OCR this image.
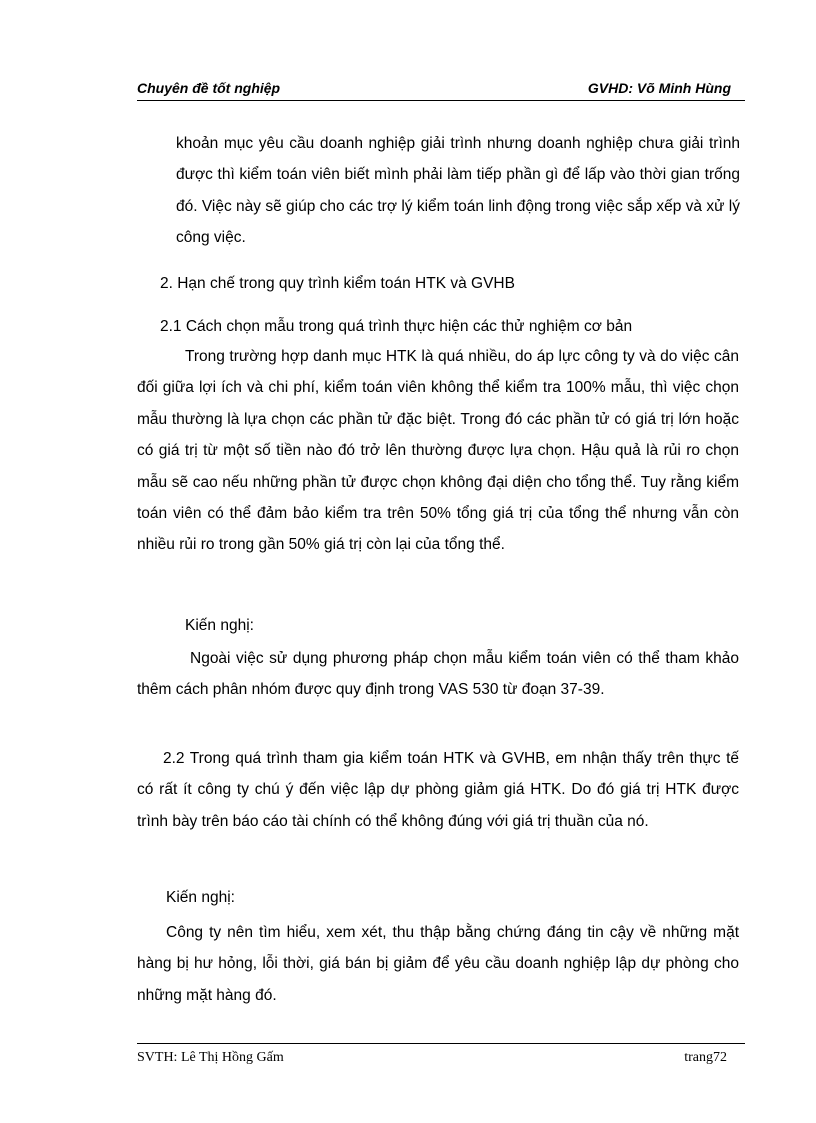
Chuyên đề tốt nghiệp	GVHD: Võ Minh Hùng

khoản mục yêu cầu doanh nghiệp giải trình nhưng doanh nghiệp chưa giải trình được thì kiểm toán viên biết mình phải làm tiếp phần gì để lấp vào thời gian trống đó. Việc này sẽ giúp cho các trợ lý kiểm toán linh động trong việc sắp xếp và xử lý công việc.

2. Hạn chế trong quy trình kiểm toán HTK và GVHB

2.1 Cách chọn mẫu trong quá trình thực hiện các thử nghiệm cơ bản

Trong trường hợp danh mục HTK là quá nhiều, do áp lực công ty và do việc cân đối giữa lợi ích và chi phí, kiểm toán viên không thể kiểm tra 100% mẫu, thì việc chọn mẫu thường là lựa chọn các phần tử đặc biệt. Trong đó các phần tử có giá trị lớn hoặc có giá trị từ một số tiền nào đó trở lên thường được lựa chọn. Hậu quả là rủi ro chọn mẫu sẽ cao nếu những phần tử được chọn không đại diện cho tổng thể. Tuy rằng kiểm toán viên có thể đảm bảo kiểm tra trên 50% tổng giá trị của tổng thể nhưng vẫn còn nhiều rủi ro trong gần 50% giá trị còn lại của tổng thể.

Kiến nghị:

Ngoài việc sử dụng phương pháp chọn mẫu kiểm toán viên có thể tham khảo thêm cách phân nhóm được quy định trong VAS 530 từ đoạn 37-39.

2.2 Trong quá trình tham gia kiểm toán HTK và GVHB, em nhận thấy trên thực tế có rất ít công ty chú ý đến việc lập dự phòng giảm giá HTK. Do đó giá trị HTK được trình bày trên báo cáo tài chính có thể không đúng với giá trị thuần của nó.

Kiến nghị:

Công ty nên tìm hiểu, xem xét, thu thập bằng chứng đáng tin cậy về những mặt hàng bị hư hỏng, lỗi thời, giá bán bị giảm để yêu cầu doanh nghiệp lập dự phòng cho những mặt hàng đó.

SVTH: Lê Thị Hồng Gấm	trang72
